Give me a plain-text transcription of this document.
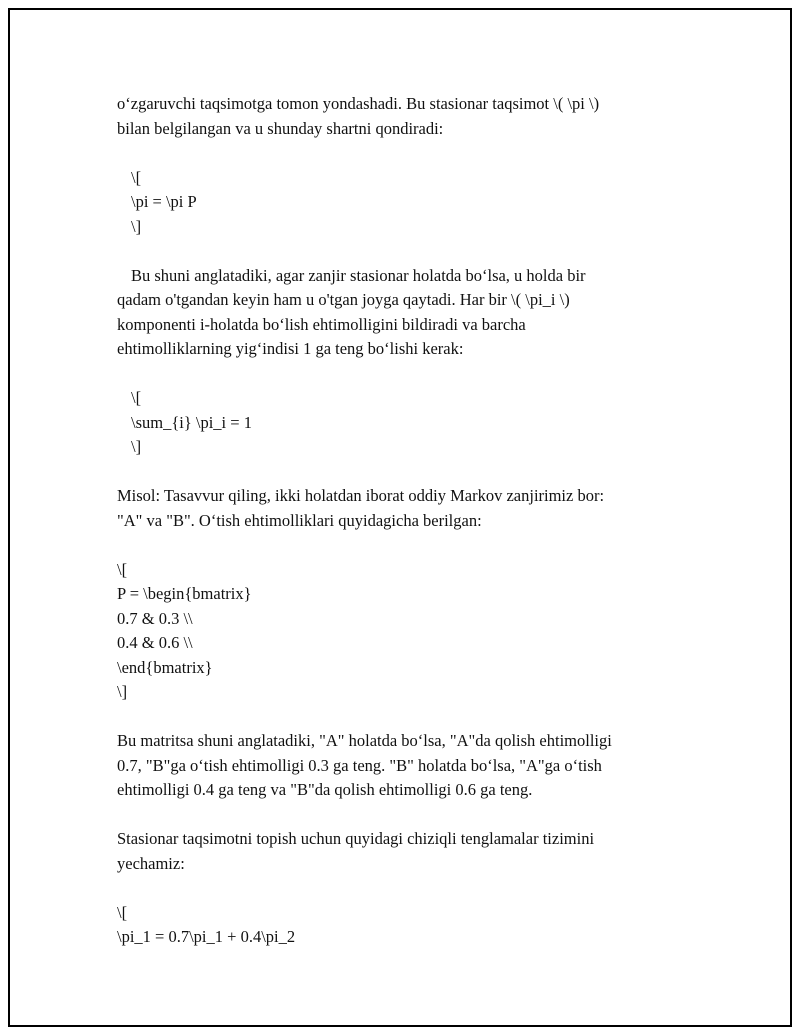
o‘zgaruvchi taqsimotga tomon yondashadi. Bu stasionar taqsimot \( \pi \)
bilan belgilangan va u shunday shartni qondiradi:
\[
\pi = \pi P
\]
Bu shuni anglatadiki, agar zanjir stasionar holatda bo‘lsa, u holda bir
qadam o'tgandan keyin ham u o'tgan joyga qaytadi. Har bir \( \pi_i \)
komponenti i-holatda bo‘lish ehtimolligini bildiradi va barcha
ehtimolliklarning yig‘indisi 1 ga teng bo‘lishi kerak:
\[
\sum_{i} \pi_i = 1
\]
Misol: Tasavvur qiling, ikki holatdan iborat oddiy Markov zanjirimiz bor:
"A" va "B". O‘tish ehtimolliklari quyidagicha berilgan:
\[
P = \begin{bmatrix}
0.7 & 0.3 \\
0.4 & 0.6 \\
\end{bmatrix}
\]
Bu matritsa shuni anglatadiki, "A" holatda bo‘lsa, "A"da qolish ehtimolligi
0.7, "B"ga o‘tish ehtimolligi 0.3 ga teng. "B" holatda bo‘lsa, "A"ga o‘tish
ehtimolligi 0.4 ga teng va "B"da qolish ehtimolligi 0.6 ga teng.
Stasionar taqsimotni topish uchun quyidagi chiziqli tenglamalar tizimini
yechamiz:
\[
\pi_1 = 0.7\pi_1 + 0.4\pi_2
